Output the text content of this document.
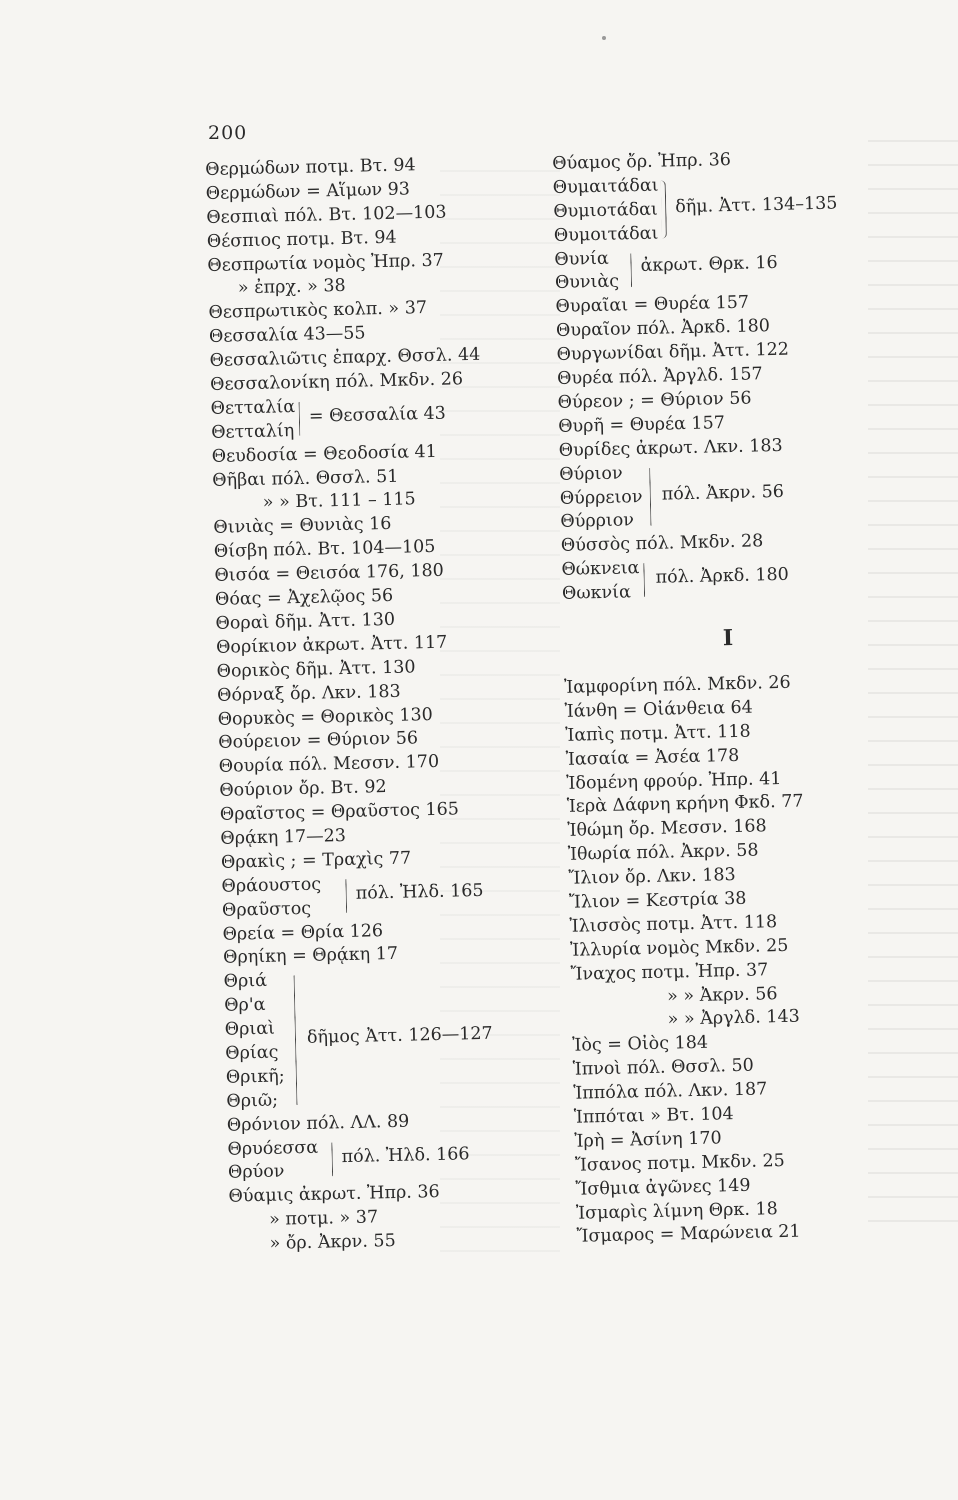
200
Θερμώδων ποτμ. Βτ. 94
Θερμώδων = Αἵμων 93
Θεσπιαὶ πόλ. Βτ. 102—103
Θέσπιος ποτμ. Βτ. 94
Θεσπρωτία νομὸς Ἠπρ. 37
» ἐπρχ. » 38
Θεσπρωτικὸς κολπ. » 37
Θεσσαλία 43—55
Θεσσαλιῶτις ἐπαρχ. Θσσλ. 44
Θεσσαλονίκη πόλ. Μκδν. 26
Θετταλία
Θετταλίη
= Θεσσαλία 43
Θευδοσία = Θεοδοσία 41
Θῆβαι πόλ. Θσσλ. 51
» » Βτ. 111 – 115
Θινιὰς = Θυνιὰς 16
Θίσβη πόλ. Βτ. 104—105
Θισόα = Θεισόα 176, 180
Θόας = Ἀχελῷος 56
Θοραὶ δῆμ. Ἀττ. 130
Θορίκιον ἀκρωτ. Ἀττ. 117
Θορικὸς δῆμ. Ἀττ. 130
Θόρναξ ὄρ. Λκν. 183
Θορυκὸς = Θορικὸς 130
Θούρειον = Θύριον 56
Θουρία πόλ. Μεσσν. 170
Θούριον ὄρ. Βτ. 92
Θραῖστος = Θραῦστος 165
Θρᾴκη 17—23
Θρακὶς ; = Τραχὶς 77
Θράουστος
Θραῦστος
πόλ. Ἠλδ. 165
Θρεία = Θρία 126
Θρηίκη = Θρᾴκη 17
Θριά
Θρ'α
Θριαὶ
Θρίας
Θρικῆ;
Θριῶ;
δῆμος Ἀττ. 126—127
Θρόνιον πόλ. ΛΛ. 89
Θρυόεσσα
Θρύον
πόλ. Ἠλδ. 166
Θύαμις ἀκρωτ. Ἠπρ. 36
» ποτμ. » 37
» ὄρ. Ἀκρν. 55
Θύαμος ὄρ. Ἠπρ. 36
Θυμαιτάδαι
Θυμιοτάδαι
Θυμοιτάδαι
δῆμ. Ἀττ. 134–135
Θυνία
Θυνιὰς
ἀκρωτ. Θρκ. 16
Θυραῖαι = Θυρέα 157
Θυραῖον πόλ. Ἀρκδ. 180
Θυργωνίδαι δῆμ. Ἀττ. 122
Θυρέα πόλ. Ἀργλδ. 157
Θύρεον ; = Θύριον 56
Θυρῆ = Θυρέα 157
Θυρίδες ἀκρωτ. Λκν. 183
Θύριον
Θύρρειον
Θύρριον
πόλ. Ἀκρν. 56
Θύσσὸς πόλ. Μκδν. 28
Θώκνεια
Θωκνία
πόλ. Ἀρκδ. 180
I
Ἰαμφορίνη πόλ. Μκδν. 26
Ἰάνθη = Οἰάνθεια 64
Ἰαπὶς ποτμ. Ἀττ. 118
Ἰασαία = Ἀσέα 178
Ἰδομένη φρούρ. Ἠπρ. 41
Ἱερὰ Δάφνη κρήνη Φκδ. 77
Ἰθώμη ὄρ. Μεσσν. 168
Ἰθωρία πόλ. Ἀκρν. 58
Ἴλιον ὄρ. Λκν. 183
Ἴλιον = Κεστρία 38
Ἰλισσὸς ποτμ. Ἀττ. 118
Ἰλλυρία νομὸς Μκδν. 25
Ἴναχος ποτμ. Ἠπρ. 37
» » Ἀκρν. 56
» » Ἀργλδ. 143
Ἰὸς = Οἰὸς 184
Ἱπνοὶ πόλ. Θσσλ. 50
Ἱππόλα πόλ. Λκν. 187
Ἱππόται » Βτ. 104
Ἰρὴ = Ἀσίνη 170
Ἴσανος ποτμ. Μκδν. 25
Ἴσθμια ἀγῶνες 149
Ἰσμαρὶς λίμνη Θρκ. 18
Ἴσμαρος = Μαρώνεια 21
